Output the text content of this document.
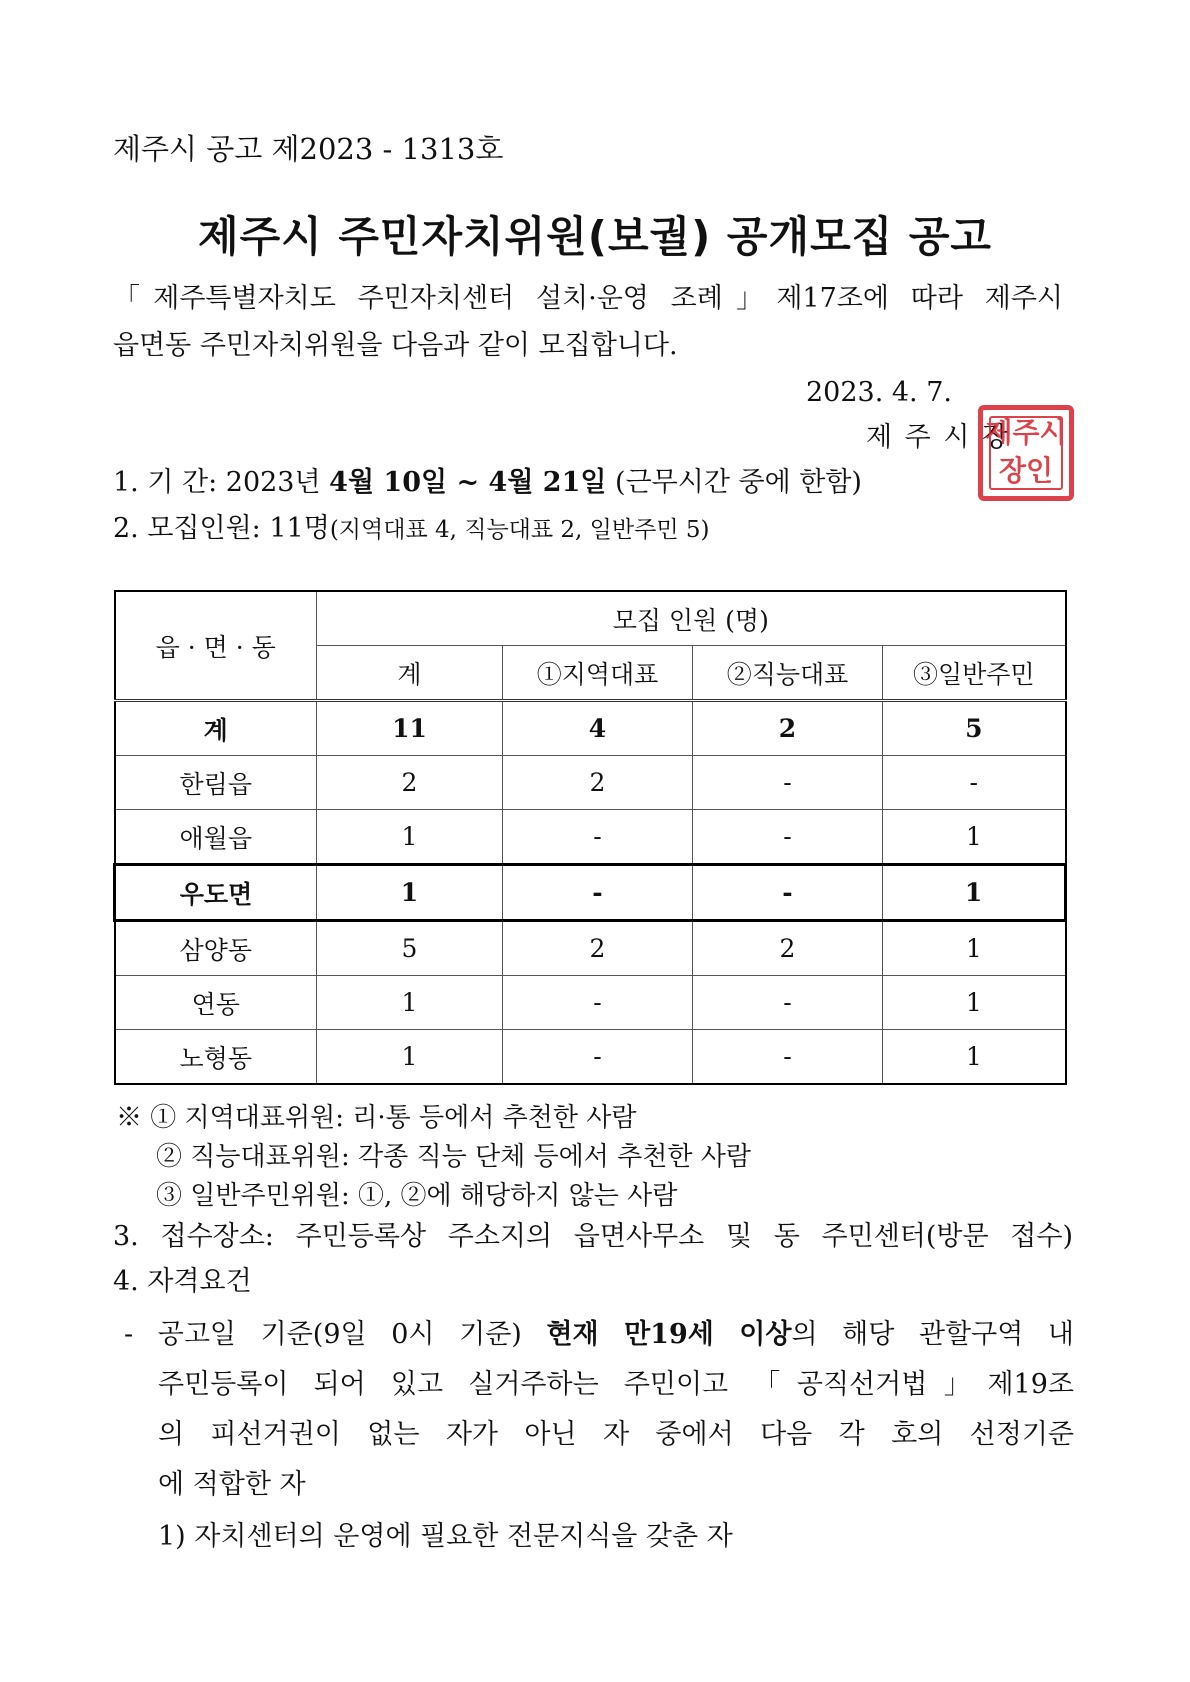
제주시 공고 제2023 - 1313호
제주시 주민자치위원(보궐) 공개모집 공고
「제주특별자치도 주민자치센터 설치·운영 조례」제17조에 따라 제주시
읍면동 주민자치위원을 다음과 같이 모집합니다.
2023. 4. 7.
제 주 시 장
제주시장인
1. 기 간: 2023년 4월 10일 ~ 4월 21일 (근무시간 중에 한함)
2. 모집인원: 11명(지역대표 4, 직능대표 2, 일반주민 5)
읍 · 면 · 동	모집 인원 (명)			
	계	①지역대표	②직능대표	③일반주민
계	11	4	2	5
한림읍	2	2	-	-
애월읍	1	-	-	1
우도면	1	-	-	1
삼양동	5	2	2	1
연동	1	-	-	1
노형동	1	-	-	1
※ ① 지역대표위원: 리·통 등에서 추천한 사람
② 직능대표위원: 각종 직능 단체 등에서 추천한 사람
③ 일반주민위원: ①, ②에 해당하지 않는 사람
3. 접수장소: 주민등록상 주소지의 읍면사무소 및 동 주민센터(방문 접수)
4. 자격요건
- 공고일 기준(9일 0시 기준) 현재 만19세 이상의 해당 관할구역 내
주민등록이 되어 있고 실거주하는 주민이고 「공직선거법」제19조
의 피선거권이 없는 자가 아닌 자 중에서 다음 각 호의 선정기준
에 적합한 자
1) 자치센터의 운영에 필요한 전문지식을 갖춘 자
